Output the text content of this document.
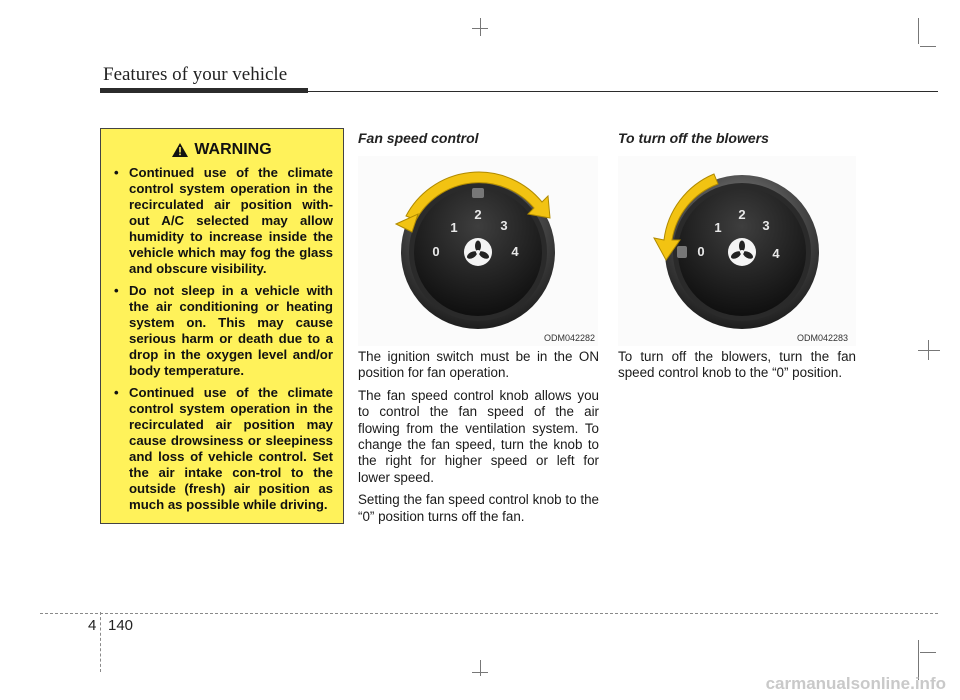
Features of your vehicle
WARNING
• Continued use of the climate control system operation in the recirculated air position with-out A/C selected may allow humidity to increase inside the vehicle which may fog the glass and obscure visibility.
• Do not sleep in a vehicle with the air conditioning or heating system on. This may cause serious harm or death due to a drop in the oxygen level and/or body temperature.
• Continued use of the climate control system operation in the recirculated air position may cause drowsiness or sleepiness and loss of vehicle control. Set the air intake con-trol to the outside (fresh) air position as much as possible while driving.
Fan speed control
0
1
2
3
4
ODM042282

The ignition switch must be in the ON position for fan operation.

The fan speed control knob allows you to control the fan speed of the air flowing from the ventilation system. To change the fan speed, turn the knob to the right for higher speed or left for lower speed.

Setting the fan speed control knob to the “0” position turns off the fan.

To turn off the blowers
0
1
2
3
4
ODM042283

To turn off the blowers, turn the fan speed control knob to the “0” position.

4 140
carmanualsonline.info
